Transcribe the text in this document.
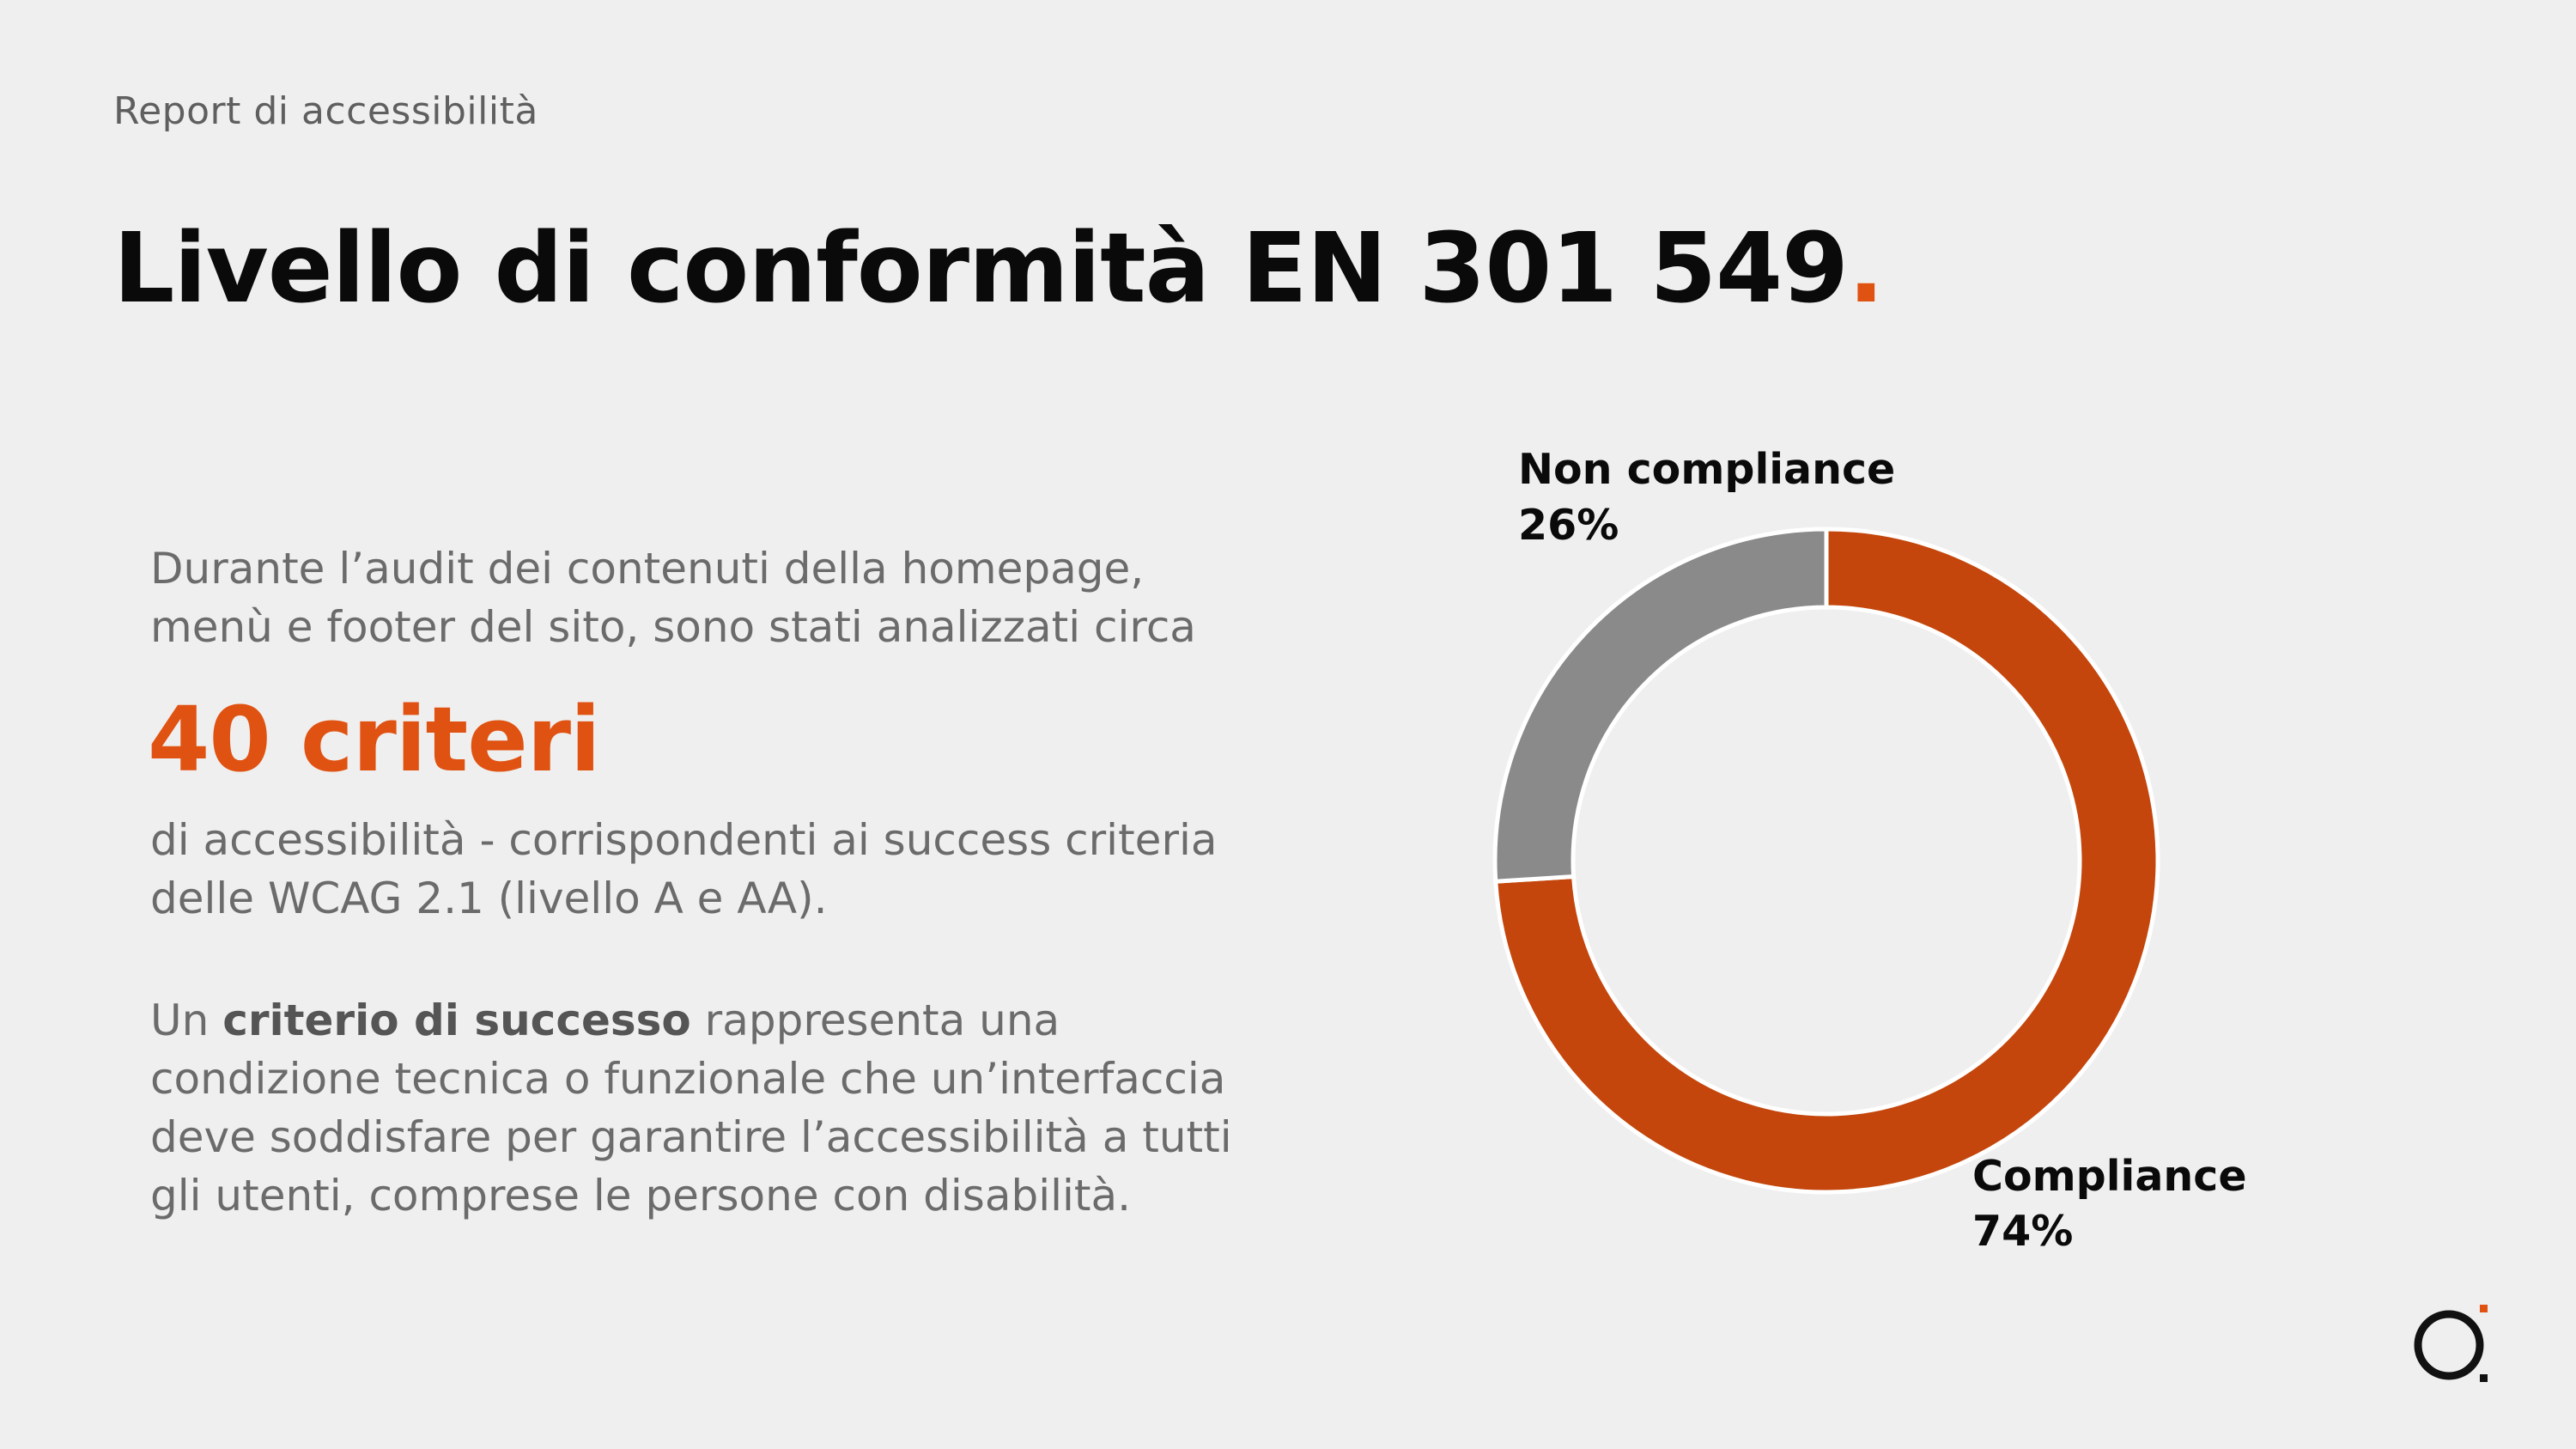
Report di accessibilità
Livello di conformità EN 301 549.
Durante l’audit dei contenuti della homepage, menù e footer del sito, sono stati analizzati circa
40 criteri
di accessibilità - corrispondenti ai success criteria delle WCAG 2.1 (livello A e AA).
Un criterio di successo rappresenta una condizione tecnica o funzionale che un’interfaccia deve soddisfare per garantire l’accessibilità a tutti gli utenti, comprese le persone con disabilità.
Non compliance
26%
Compliance
74%
